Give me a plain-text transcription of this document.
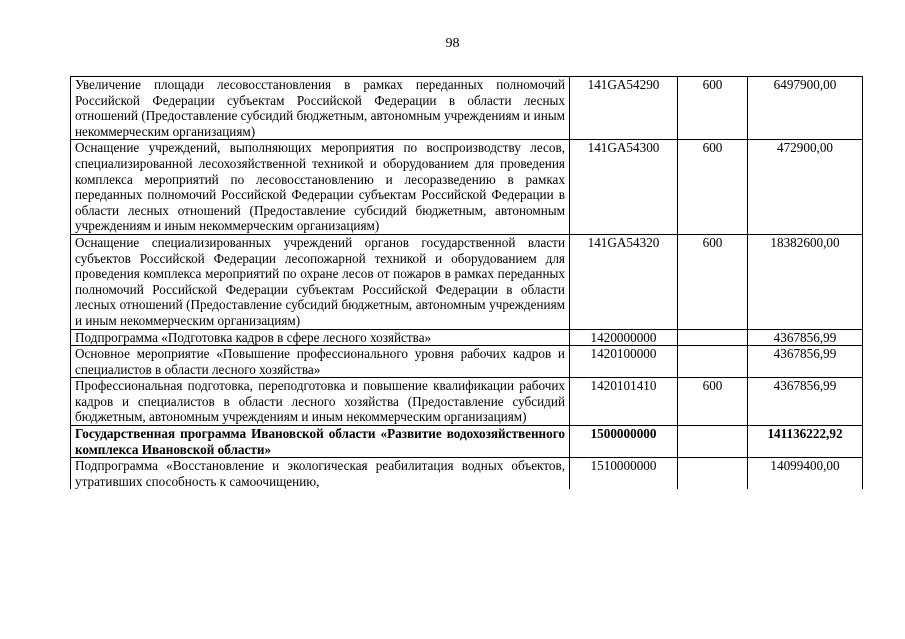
98
Увеличение площади лесовосстановления в рамках переданных полномочий Российской Федерации субъектам Российской Федерации в области лесных отношений (Предоставление субсидий бюджетным, автономным учреждениям и иным некоммерческим организациям)	141GA54290	600	6497900,00
Оснащение учреждений, выполняющих мероприятия по воспроизводству лесов, специализированной лесохозяйственной техникой и оборудованием для проведения комплекса мероприятий по лесовосстановлению и лесоразведению в рамках переданных полномочий Российской Федерации субъектам Российской Федерации в области лесных отношений (Предоставление субсидий бюджетным, автономным учреждениям и иным некоммерческим организациям)	141GA54300	600	472900,00
Оснащение специализированных учреждений органов государственной власти субъектов Российской Федерации лесопожарной техникой и оборудованием для проведения комплекса мероприятий по охране лесов от пожаров в рамках переданных полномочий Российской Федерации субъектам Российской Федерации в области лесных отношений (Предоставление субсидий бюджетным, автономным учреждениям и иным некоммерческим организациям)	141GA54320	600	18382600,00
Подпрограмма «Подготовка кадров в сфере лесного хозяйства»	1420000000		4367856,99
Основное мероприятие «Повышение профессионального уровня рабочих кадров и специалистов в области лесного хозяйства»	1420100000		4367856,99
Профессиональная подготовка, переподготовка и повышение квалификации рабочих кадров и специалистов в области лесного хозяйства (Предоставление субсидий бюджетным, автономным учреждениям и иным некоммерческим организациям)	1420101410	600	4367856,99
Государственная программа Ивановской области «Развитие водохозяйственного комплекса Ивановской области»	1500000000		141136222,92
Подпрограмма «Восстановление и экологическая реабилитация водных объектов, утративших способность к самоочищению,	1510000000		14099400,00
